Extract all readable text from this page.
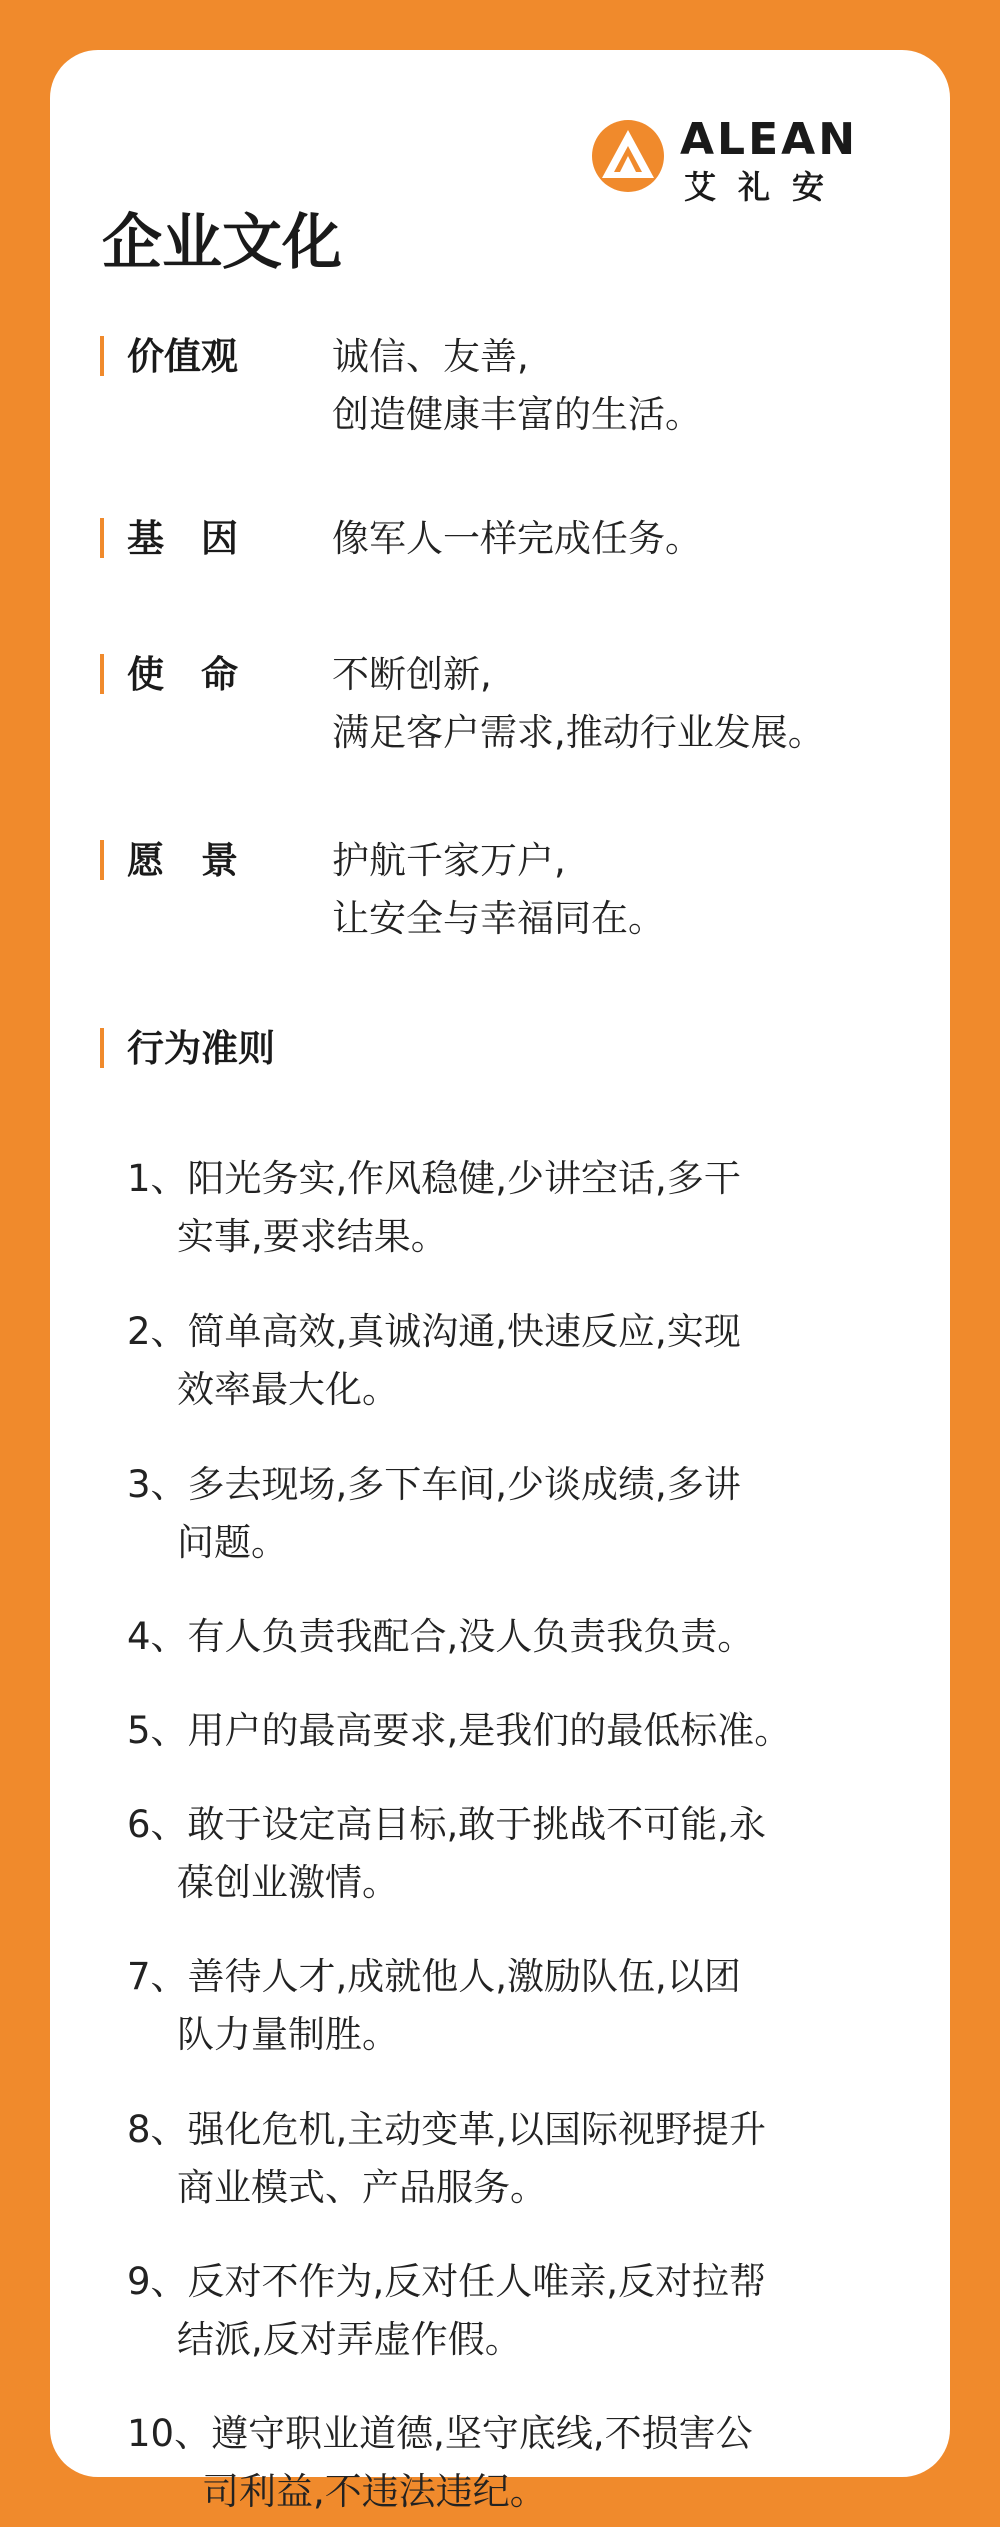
ALEAN
艾礼安
企业文化
价值观	诚信、友善,
创造健康丰富的生活。
基　因	像军人一样完成任务。
使　命	不断创新,
满足客户需求,推动行业发展。
愿　景	护航千家万户,
让安全与幸福同在。
行为准则
1、阳光务实,作风稳健,少讲空话,多干
实事,要求结果。
2、简单高效,真诚沟通,快速反应,实现
效率最大化。
3、多去现场,多下车间,少谈成绩,多讲
问题。
4、有人负责我配合,没人负责我负责。
5、用户的最高要求,是我们的最低标准。
6、敢于设定高目标,敢于挑战不可能,永
葆创业激情。
7、善待人才,成就他人,激励队伍,以团
队力量制胜。
8、强化危机,主动变革,以国际视野提升
商业模式、产品服务。
9、反对不作为,反对任人唯亲,反对拉帮
结派,反对弄虚作假。
10、遵守职业道德,坚守底线,不损害公
司利益,不违法违纪。
